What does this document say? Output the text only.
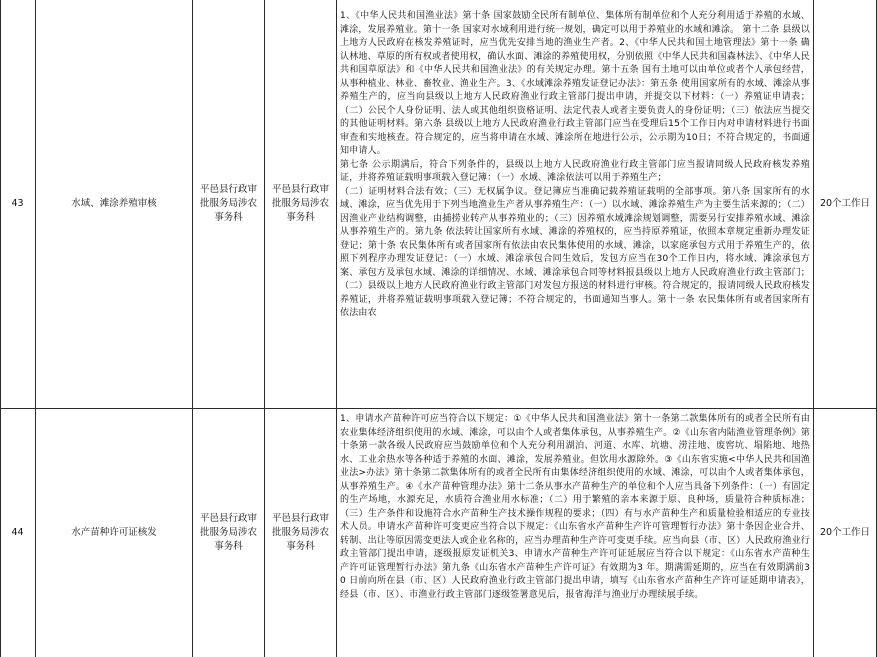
43	水域、滩涂养殖审核
平邑县行政审批服务局涉农事务科
平邑县行政审批服务局涉农事务科
1、《中华人民共和国渔业法》第十条 国家鼓励全民所有制单位、集体所有制单位和个人充分利用适于养殖的水域、滩涂，发展养殖业。第十一条 国家对水域利用进行统一规划，确定可以用于养殖业的水域和滩涂。 第十二条 县级以上地方人民政府在核发养殖证时，应当优先安排当地的渔业生产者。2、《中华人民共和国土地管理法》第十一条 确认林地、草原的所有权或者使用权，确认水面、滩涂的养殖使用权，分别依照《中华人民共和国森林法》、《中华人民共和国草原法》和《中华人民共和国渔业法》的有关规定办理。第十五条 国有土地可以由单位或者个人承包经营，从事种植业、林业、畜牧业、渔业生产。3、《水域滩涂养殖发证登记办法》：第五条 使用国家所有的水域、滩涂从事养殖生产的，应当向县级以上地方人民政府渔业行政主管部门提出申请，并提交以下材料：（一）养殖证申请表；（二）公民个人身份证明、法人或其他组织资格证明、法定代表人或者主要负责人的身份证明；（三）依法应当提交的其他证明材料。第六条 县级以上地方人民政府渔业行政主管部门应当在受理后15个工作日内对申请材料进行书面审查和实地核查。符合规定的，应当将申请在水域、滩涂所在地进行公示，公示期为10日；不符合规定的，书面通知申请人。
第七条 公示期满后，符合下列条件的，县级以上地方人民政府渔业行政主管部门应当报请同级人民政府核发养殖证，并将养殖证载明事项载入登记簿：（一）水域、滩涂依法可以用于养殖生产；
（二）证明材料合法有效；（三）无权属争议。登记簿应当准确记载养殖证载明的全部事项。第八条 国家所有的水域、滩涂，应当优先用于下列当地渔业生产者从事养殖生产：（一）以水域、滩涂养殖生产为主要生活来源的；（二）因渔业产业结构调整，由捕捞业转产从事养殖业的；（三）因养殖水域滩涂规划调整，需要另行安排养殖水域、滩涂从事养殖生产的。第九条 依法转让国家所有水域、滩涂的养殖权的，应当持原养殖证，依照本章规定重新办理发证登记；第十条 农民集体所有或者国家所有依法由农民集体使用的水域、滩涂，以家庭承包方式用于养殖生产的，依照下列程序办理发证登记：（一）水域、滩涂承包合同生效后，发包方应当在30个工作日内，将水域、滩涂承包方案、承包方及承包水域、滩涂的详细情况、水域、滩涂承包合同等材料报县级以上地方人民政府渔业行政主管部门；（二）县级以上地方人民政府渔业行政主管部门对发包方报送的材料进行审核。符合规定的，报请同级人民政府核发养殖证，并将养殖证载明事项载入登记簿；不符合规定的，书面通知当事人。第十一条 农民集体所有或者国家所有依法由农
20个工作日
44	水产苗种许可证核发
平邑县行政审批服务局涉农事务科
平邑县行政审批服务局涉农事务科
1、申请水产苗种许可应当符合以下规定：①《中华人民共和国渔业法》第十一条第二款集体所有的或者全民所有由农业集体经济组织使用的水域、滩涂，可以由个人或者集体承包，从事养殖生产。②《山东省内陆渔业管理条例》第十条第一款各级人民政府应当鼓励单位和个人充分利用湖泊、河道、水库、坑塘、涝洼地、废窖坑、塌陷地、地热水、工业余热水等各种适于养殖的水面、滩涂，发展养殖业。但饮用水源除外。③《山东省实施<中华人民共和国渔业法>办法》第十条第二款集体所有的或者全民所有由集体经济组织使用的水域、滩涂，可以由个人或者集体承包，从事养殖生产。④《水产苗种管理办法》第十二条从事水产苗种生产的单位和个人应当具备下列条件：（一）有固定的生产场地，水源充足，水质符合渔业用水标准；（二）用于繁殖的亲本来源于原、良种场，质量符合种质标准；（三）生产条件和设施符合水产苗种生产技术操作规程的要求；（四）有与水产苗种生产和质量检验相适应的专业技术人员。申请水产苗种许可变更应当符合以下规定：《山东省水产苗种生产许可管理暂行办法》第十条因企业合并、转制、出让等原因需变更法人或企业名称的，应当办理苗种生产许可变更手续。应当向县（市、区）人民政府渔业行政主管部门提出申请，逐级报原发证机关3、申请水产苗种生产许可证延展应当符合以下规定：《山东省水产苗种生产许可证管理暂行办法》第九条《山东省水产苗种生产许可证》有效期为3 年。期满需延期的，应当在有效期满前30 日前向所在县（市、区）人民政府渔业行政主管部门提出申请，填写《山东省水产苗种生产许可证延期申请表》，经县（市、区）、市渔业行政主管部门逐级签署意见后，报省海洋与渔业厅办理续展手续。
20个工作日
